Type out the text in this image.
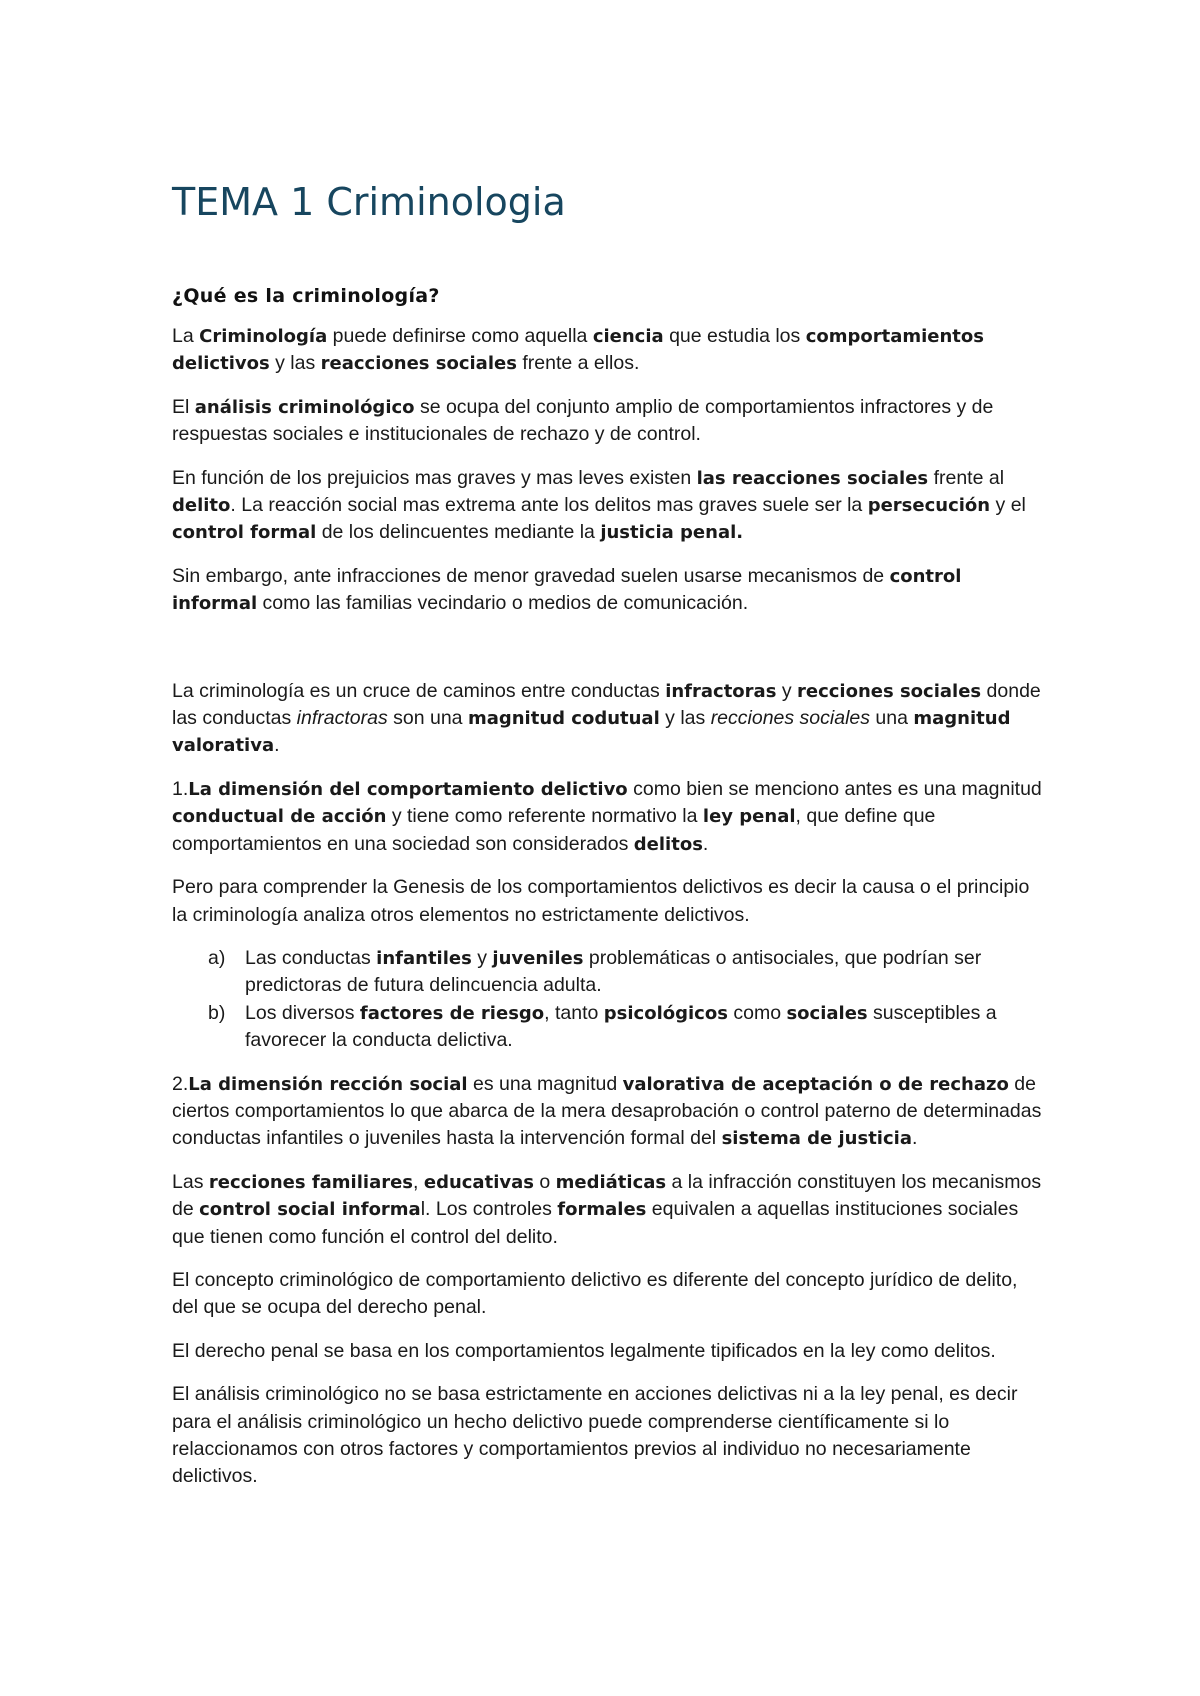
TEMA 1 Criminologia
¿Qué es la criminología?

La Criminología puede definirse como aquella ciencia que estudia los comportamientos delictivos y las reacciones sociales frente a ellos.

El análisis criminológico se ocupa del conjunto amplio de comportamientos infractores y de respuestas sociales e institucionales de rechazo y de control.

En función de los prejuicios mas graves y mas leves existen las reacciones sociales frente al delito. La reacción social mas extrema ante los delitos mas graves suele ser la persecución y el control formal de los delincuentes mediante la justicia penal.

Sin embargo, ante infracciones de menor gravedad suelen usarse mecanismos de control informal como las familias vecindario o medios de comunicación.

La criminología es un cruce de caminos entre conductas infractoras y recciones sociales donde las conductas infractoras son una magnitud codutual y las recciones sociales una magnitud valorativa.

1.La dimensión del comportamiento delictivo como bien se menciono antes es una magnitud conductual de acción y tiene como referente normativo la ley penal, que define que comportamientos en una sociedad son considerados delitos.

Pero para comprender la Genesis de los comportamientos delictivos es decir la causa o el principio la criminología analiza otros elementos no estrictamente delictivos.

a) Las conductas infantiles y juveniles problemáticas o antisociales, que podrían ser predictoras de futura delincuencia adulta.
b) Los diversos factores de riesgo, tanto psicológicos como sociales susceptibles a favorecer la conducta delictiva.

2.La dimensión rección social es una magnitud valorativa de aceptación o de rechazo de ciertos comportamientos lo que abarca de la mera desaprobación o control paterno de determinadas conductas infantiles o juveniles hasta la intervención formal del sistema de justicia.

Las recciones familiares, educativas o mediáticas a la infracción constituyen los mecanismos de control social informal. Los controles formales equivalen a aquellas instituciones sociales que tienen como función el control del delito.

El concepto criminológico de comportamiento delictivo es diferente del concepto jurídico de delito, del que se ocupa del derecho penal.

El derecho penal se basa en los comportamientos legalmente tipificados en la ley como delitos.

El análisis criminológico no se basa estrictamente en acciones delictivas ni a la ley penal, es decir para el análisis criminológico un hecho delictivo puede comprenderse científicamente si lo relaccionamos con otros factores y comportamientos previos al individuo no necesariamente delictivos.
